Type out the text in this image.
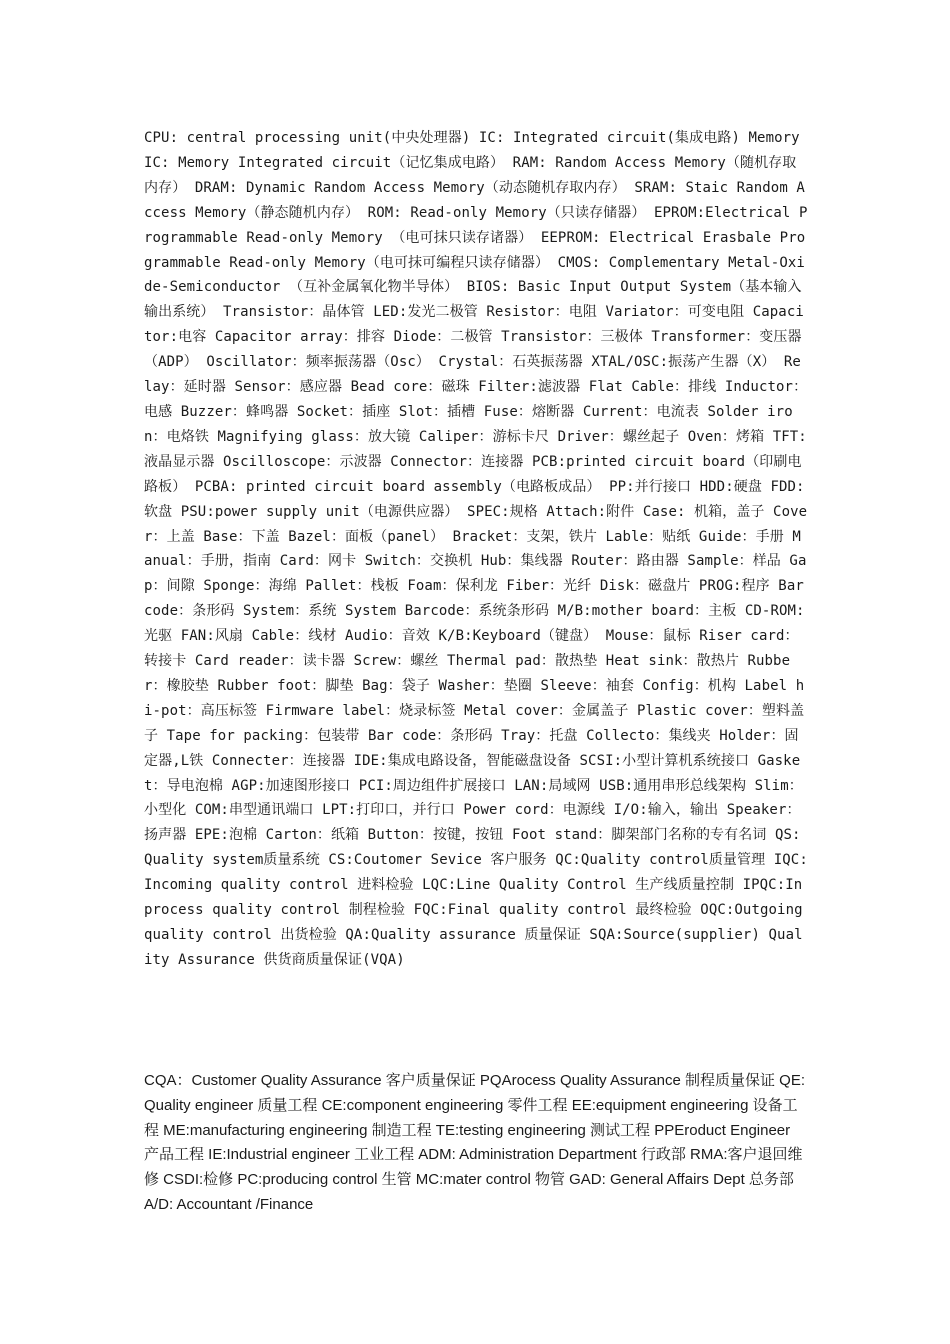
CPU: central processing unit(中央处理器) IC: Integrated circuit(集成电路) Memory IC: Memory Integrated circuit（记忆集成电路） RAM: Random Access Memory（随机存取内存） DRAM: Dynamic Random Access Memory（动态随机存取内存） SRAM: Staic Random Access Memory（静态随机内存） ROM: Read-only Memory（只读存储器） EPROM:Electrical Programmable Read-only Memory （电可抹只读存诸器） EEPROM: Electrical Erasbale Programmable Read-only Memory（电可抹可编程只读存储器） CMOS: Complementary Metal-Oxide-Semiconductor （互补金属氧化物半导体） BIOS: Basic Input Output System（基本输入输出系统） Transistor：晶体管 LED:发光二极管 Resistor：电阻 Variator：可变电阻 Capacitor:电容 Capacitor array：排容 Diode：二极管 Transistor：三极体 Transformer：变压器（ADP） Oscillator：频率振荡器（Osc） Crystal：石英振荡器 XTAL/OSC:振荡产生器（X） Relay：延时器 Sensor：感应器 Bead core：磁珠 Filter:滤波器 Flat Cable：排线 Inductor：电感 Buzzer：蜂鸣器 Socket：插座 Slot：插槽 Fuse：熔断器 Current：电流表 Solder iron：电烙铁 Magnifying glass：放大镜 Caliper：游标卡尺 Driver：螺丝起子 Oven：烤箱 TFT:液晶显示器 Oscilloscope：示波器 Connector：连接器 PCB:printed circuit board（印刷电路板） PCBA: printed circuit board assembly（电路板成品） PP:并行接口 HDD:硬盘 FDD:软盘 PSU:power supply unit（电源供应器） SPEC:规格 Attach:附件 Case: 机箱，盖子 Cover：上盖 Base：下盖 Bazel：面板（panel） Bracket：支架，铁片 Lable：贴纸 Guide：手册 Manual：手册，指南 Card：网卡 Switch：交换机 Hub：集线器 Router：路由器 Sample：样品 Gap：间隙 Sponge：海绵 Pallet：栈板 Foam：保利龙 Fiber：光纤 Disk：磁盘片 PROG:程序 Barcode：条形码 System：系统 System Barcode：系统条形码 M/B:mother board：主板 CD-ROM:光驱 FAN:风扇 Cable：线材 Audio：音效 K/B:Keyboard（键盘） Mouse：鼠标 Riser card：转接卡 Card reader：读卡器 Screw：螺丝 Thermal pad：散热垫 Heat sink：散热片 Rubber：橡胶垫 Rubber foot：脚垫 Bag：袋子 Washer：垫圈 Sleeve：袖套 Config：机构 Label hi-pot：高压标签 Firmware label：烧录标签 Metal cover：金属盖子 Plastic cover：塑料盖子 Tape for packing：包装带 Bar code：条形码 Tray：托盘 Collecto：集线夹 Holder：固定器,L铁 Connecter：连接器 IDE:集成电路设备，智能磁盘设备 SCSI:小型计算机系统接口 Gasket：导电泡棉 AGP:加速图形接口 PCI:周边组件扩展接口 LAN:局域网 USB:通用串形总线架构 Slim：小型化 COM:串型通讯端口 LPT:打印口，并行口 Power cord：电源线 I/O:输入，输出 Speaker：扬声器 EPE:泡棉 Carton：纸箱 Button：按键，按钮 Foot stand：脚架部门名称的专有名词 QS:Quality system质量系统 CS:Coutomer Sevice 客户服务 QC:Quality control质量管理 IQC:Incoming quality control 进料检验 LQC:Line Quality Control 生产线质量控制 IPQC:In process quality control 制程检验 FQC:Final quality control 最终检验 OQC:Outgoing quality control 出货检验 QA:Quality assurance 质量保证 SQA:Source(supplier) Quality Assurance 供货商质量保证(VQA)
CQA：Customer Quality Assurance 客户质量保证 PQArocess Quality Assurance 制程质量保证 QE:Quality engineer 质量工程 CE:component engineering 零件工程 EE:equipment engineering 设备工程 ME:manufacturing engineering 制造工程 TE:testing engineering 测试工程 PPEroduct Engineer 产品工程 IE:Industrial engineer 工业工程 ADM: Administration Department 行政部 RMA:客户退回维修 CSDI:检修 PC:producing control 生管 MC:mater control 物管 GAD: General Affairs Dept 总务部 A/D: Accountant /Finance
